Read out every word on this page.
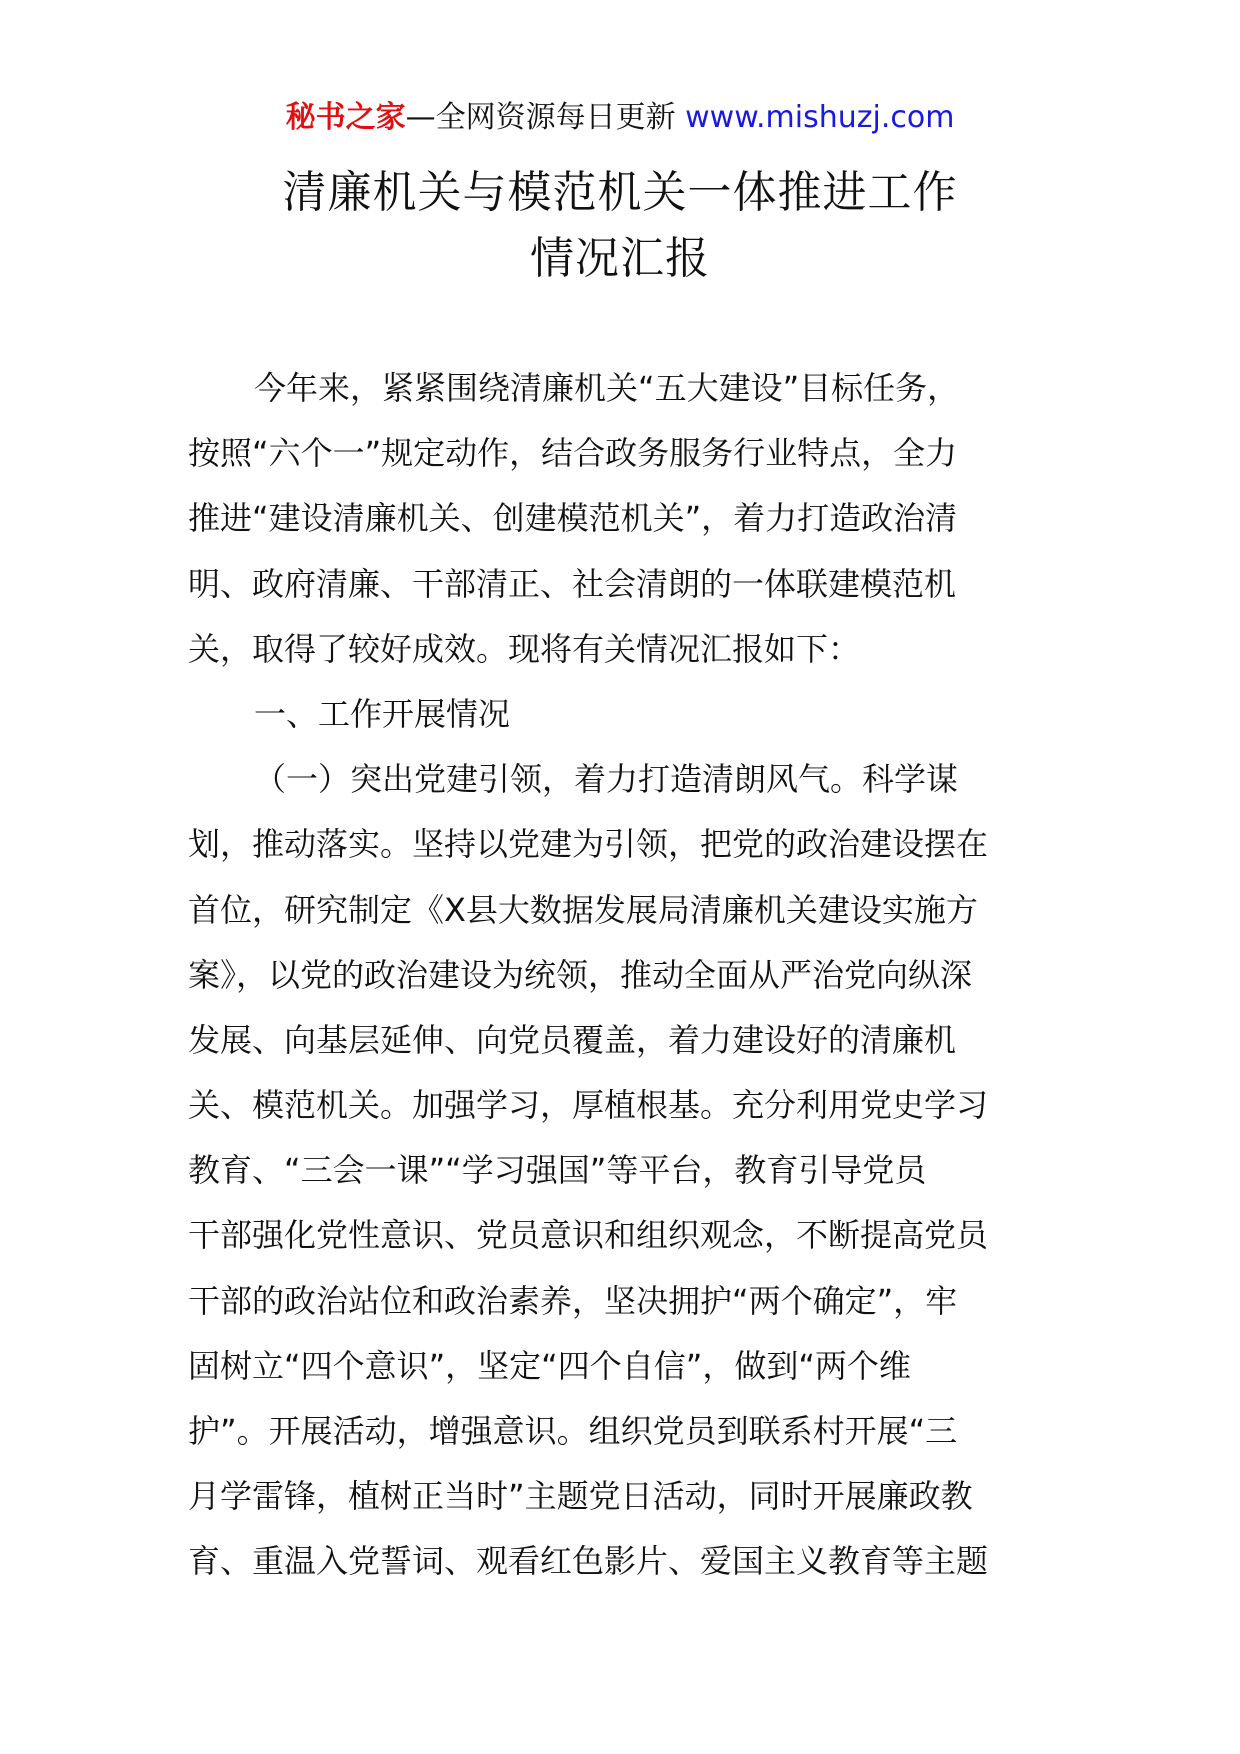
秘书之家—全网资源每日更新 www.mishuzj.com
清廉机关与模范机关一体推进工作
情况汇报
今年来，紧紧围绕清廉机关“五大建设”目标任务，
按照“六个一”规定动作，结合政务服务行业特点，全力
推进“建设清廉机关、创建模范机关”，着力打造政治清
明、政府清廉、干部清正、社会清朗的一体联建模范机
关，取得了较好成效。现将有关情况汇报如下：
一、工作开展情况
（一）突出党建引领，着力打造清朗风气。科学谋
划，推动落实。坚持以党建为引领，把党的政治建设摆在
首位，研究制定《X县大数据发展局清廉机关建设实施方
案》，以党的政治建设为统领，推动全面从严治党向纵深
发展、向基层延伸、向党员覆盖，着力建设好的清廉机
关、模范机关。加强学习，厚植根基。充分利用党史学习
教育、“三会一课”“学习强国”等平台，教育引导党员
干部强化党性意识、党员意识和组织观念，不断提高党员
干部的政治站位和政治素养，坚决拥护“两个确定”，牢
固树立“四个意识”，坚定“四个自信”，做到“两个维
护”。开展活动，增强意识。组织党员到联系村开展“三
月学雷锋，植树正当时”主题党日活动，同时开展廉政教
育、重温入党誓词、观看红色影片、爱国主义教育等主题
